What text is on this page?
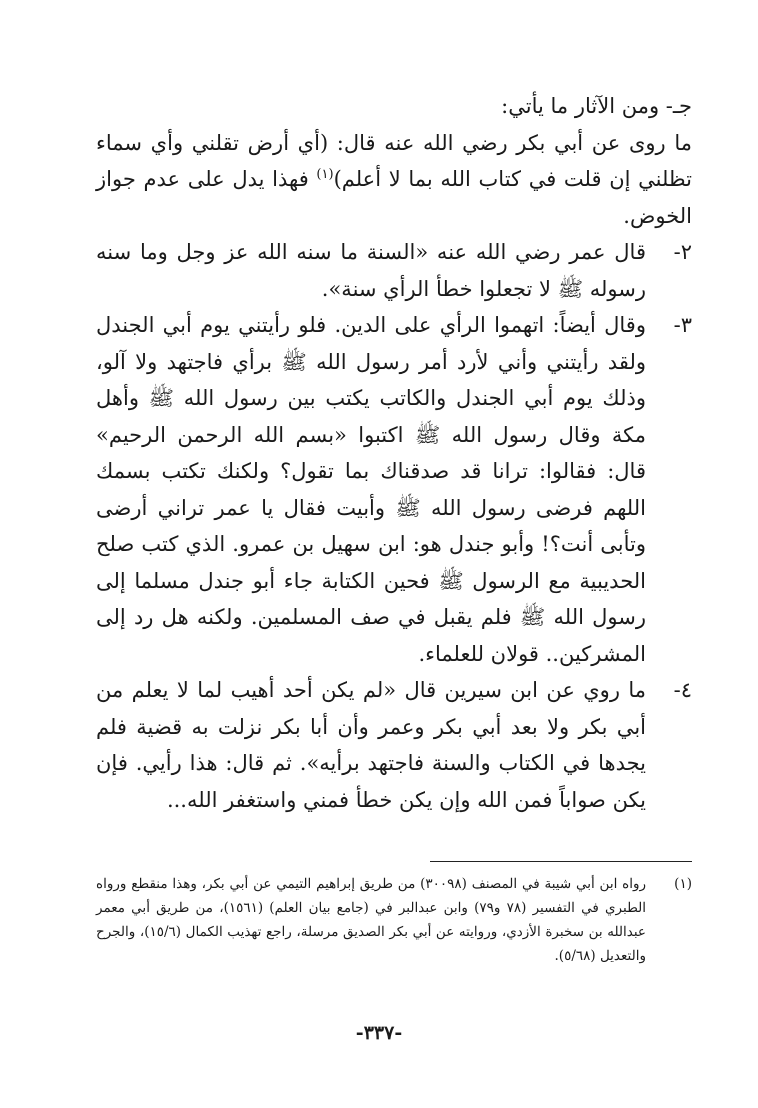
جـ- ومن الآثار ما يأتي:

ما روى عن أبي بكر رضي الله عنه قال: (أي أرض تقلني وأي سماء تظلني إن قلت في كتاب الله بما لا أعلم)$^{(١)}$ فهذا يدل على عدم جواز الخوض.

٢-
قال عمر رضي الله عنه «السنة ما سنه الله عز وجل وما سنه رسوله ﷺ لا تجعلوا خطأ الرأي سنة».

٣-
وقال أيضاً: اتهموا الرأي على الدين. فلو رأيتني يوم أبي الجندل ولقد رأيتني وأني لأرد أمر رسول الله ﷺ برأي فاجتهد ولا آلو، وذلك يوم أبي الجندل والكاتب يكتب بين رسول الله ﷺ وأهل مكة وقال رسول الله ﷺ اكتبوا «بسم الله الرحمن الرحيم» قال: فقالوا: ترانا قد صدقناك بما تقول؟ ولكنك تكتب بسمك اللهم فرضى رسول الله ﷺ وأبيت فقال يا عمر تراني أرضى وتأبى أنت؟! وأبو جندل هو: ابن سهيل بن عمرو. الذي كتب صلح الحديبية مع الرسول ﷺ فحين الكتابة جاء أبو جندل مسلما إلى رسول الله ﷺ فلم يقبل في صف المسلمين. ولكنه هل رد إلى المشركين.. قولان للعلماء.

٤-
ما روي عن ابن سيرين قال «لم يكن أحد أهيب لما لا يعلم من أبي بكر ولا بعد أبي بكر وعمر وأن أبا بكر نزلت به قضية فلم يجدها في الكتاب والسنة فاجتهد برأيه». ثم قال: هذا رأيي. فإن يكن صواباً فمن الله وإن يكن خطأ فمني واستغفر الله...

(١)
رواه ابن أبي شيبة في المصنف (٣٠٠٩٨) من طريق إبراهيم التيمي عن أبي بكر، وهذا منقطع ورواه الطبري في التفسير (٧٨ و٧٩) وابن عبدالبر في (جامع بيان العلم) (١٥٦١)، من طريق أبي معمر عبدالله بن سخبرة الأزدي، وروايته عن أبي بكر الصديق مرسلة، راجع تهذيب الكمال (١٥/٦)، والجرح والتعديل (٥/٦٨).

-٣٣٧-
